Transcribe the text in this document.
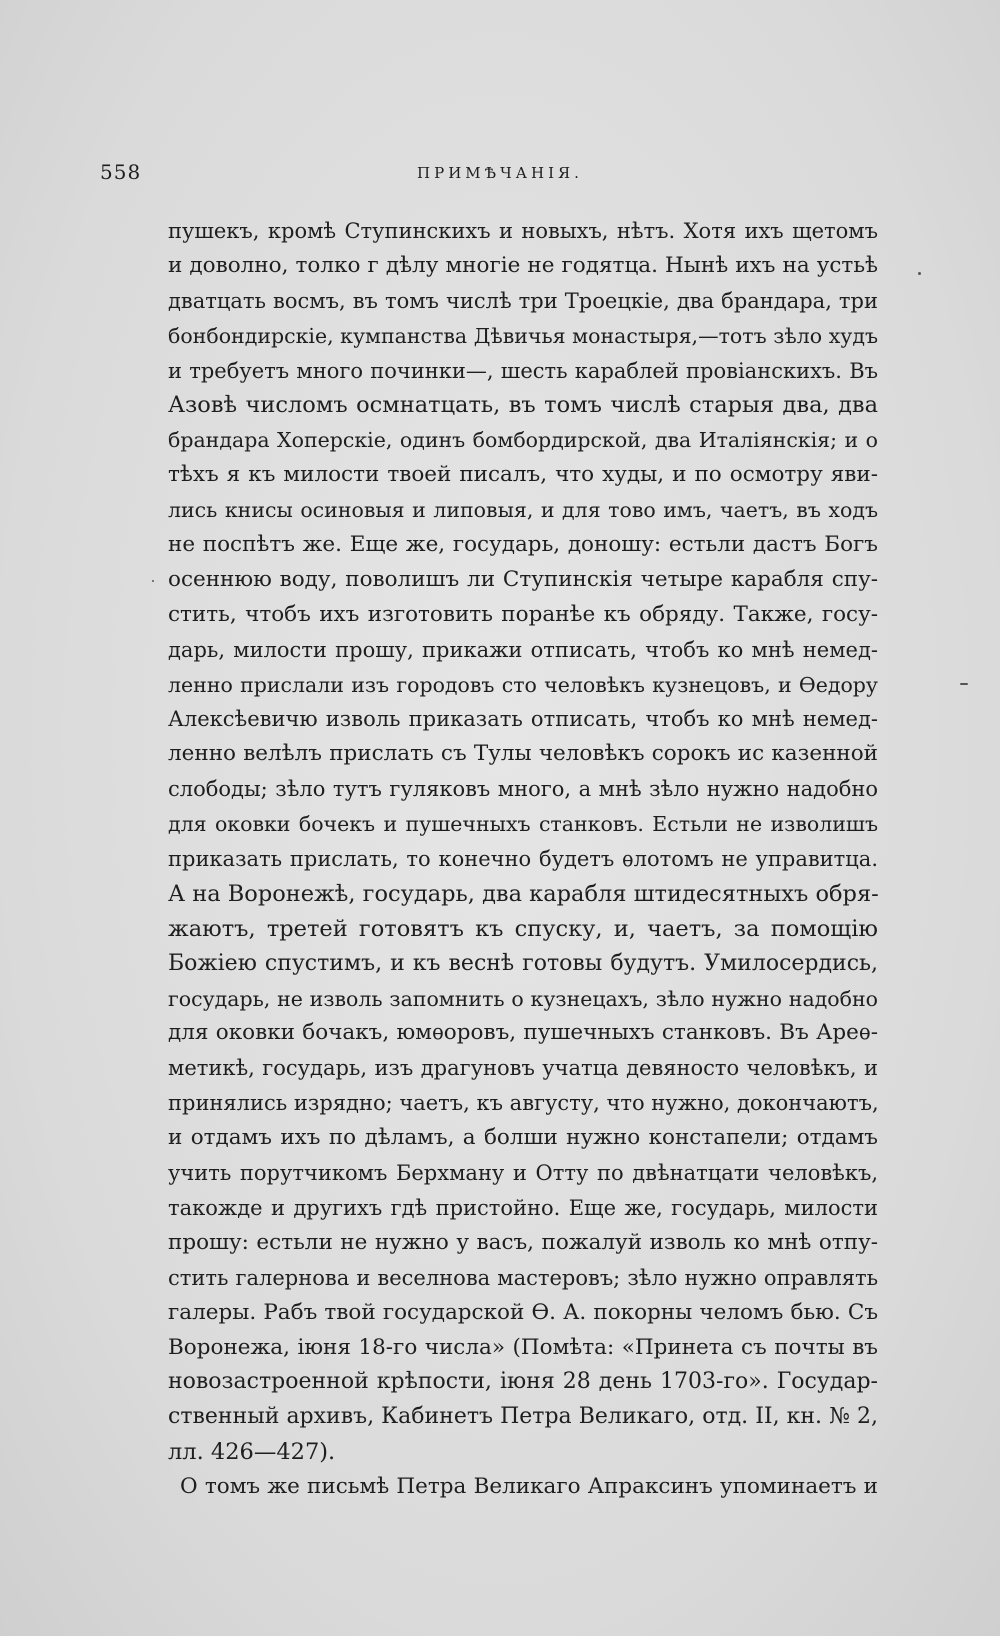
558	ПРИМѢЧАНІЯ.
пушекъ, кромѣ Ступинскихъ и новыхъ, нѣтъ. Хотя ихъ щетомъ
и доволно, толко г дѣлу многіе не годятца. Нынѣ ихъ на устьѣ
дватцать восмъ, въ томъ числѣ три Троецкіе, два брандара, три
бонбондирскіе, кумпанства Дѣвичья монастыря,—тотъ зѣло худъ
и требуетъ много починки—, шесть караблей провіанскихъ. Въ
Азовѣ числомъ осмнатцать, въ томъ числѣ старыя два, два
брандара Хоперскіе, одинъ бомбордирской, два Италіянскія; и о
тѣхъ я къ милости твоей писалъ, что худы, и по осмотру яви-
лись книсы осиновыя и липовыя, и для тово имъ, чаетъ, въ ходъ
не поспѣтъ же. Еще же, государь, доношу: естьли дастъ Богъ
осеннюю воду, поволишъ ли Ступинскія четыре карабля спу-
стить, чтобъ ихъ изготовить поранѣе къ обряду. Также, госу-
дарь, милости прошу, прикажи отписать, чтобъ ко мнѣ немед-
ленно прислали изъ городовъ сто человѣкъ кузнецовъ, и Ѳедору
Алексѣевичю изволь приказать отписать, чтобъ ко мнѣ немед-
ленно велѣлъ прислать съ Тулы человѣкъ сорокъ ис казенной
слободы; зѣло тутъ гуляковъ много, а мнѣ зѣло нужно надобно
для оковки бочекъ и пушечныхъ станковъ. Естьли не изволишъ
приказать прислать, то конечно будетъ ѳлотомъ не управитца.
А на Воронежѣ, государь, два карабля штидесятныхъ обря-
жаютъ, третей готовятъ къ спуску, и, чаетъ, за помощію
Божіею спустимъ, и къ веснѣ готовы будутъ. Умилосердись,
государь, не изволь запомнить о кузнецахъ, зѣло нужно надобно
для оковки бочакъ, юмѳоровъ, пушечныхъ станковъ. Въ Ареѳ-
метикѣ, государь, изъ драгуновъ учатца девяносто человѣкъ, и
принялись изрядно; чаетъ, къ августу, что нужно, докончаютъ,
и отдамъ ихъ по дѣламъ, а болши нужно констапели; отдамъ
учить порутчикомъ Берхману и Отту по двѣнатцати человѣкъ,
такожде и другихъ гдѣ пристойно. Еще же, государь, милости
прошу: естьли не нужно у васъ, пожалуй изволь ко мнѣ отпу-
стить галернова и веселнова мастеровъ; зѣло нужно оправлять
галеры. Рабъ твой государской Ѳ. А. покорны челомъ бью. Съ
Воронежа, іюня 18-го числа» (Помѣта: «Принета съ почты въ
новозастроенной крѣпости, іюня 28 день 1703-го». Государ-
ственный архивъ, Кабинетъ Петра Великаго, отд. II, кн. № 2,
лл. 426—427).
О томъ же письмѣ Петра Великаго Апраксинъ упоминаетъ и
